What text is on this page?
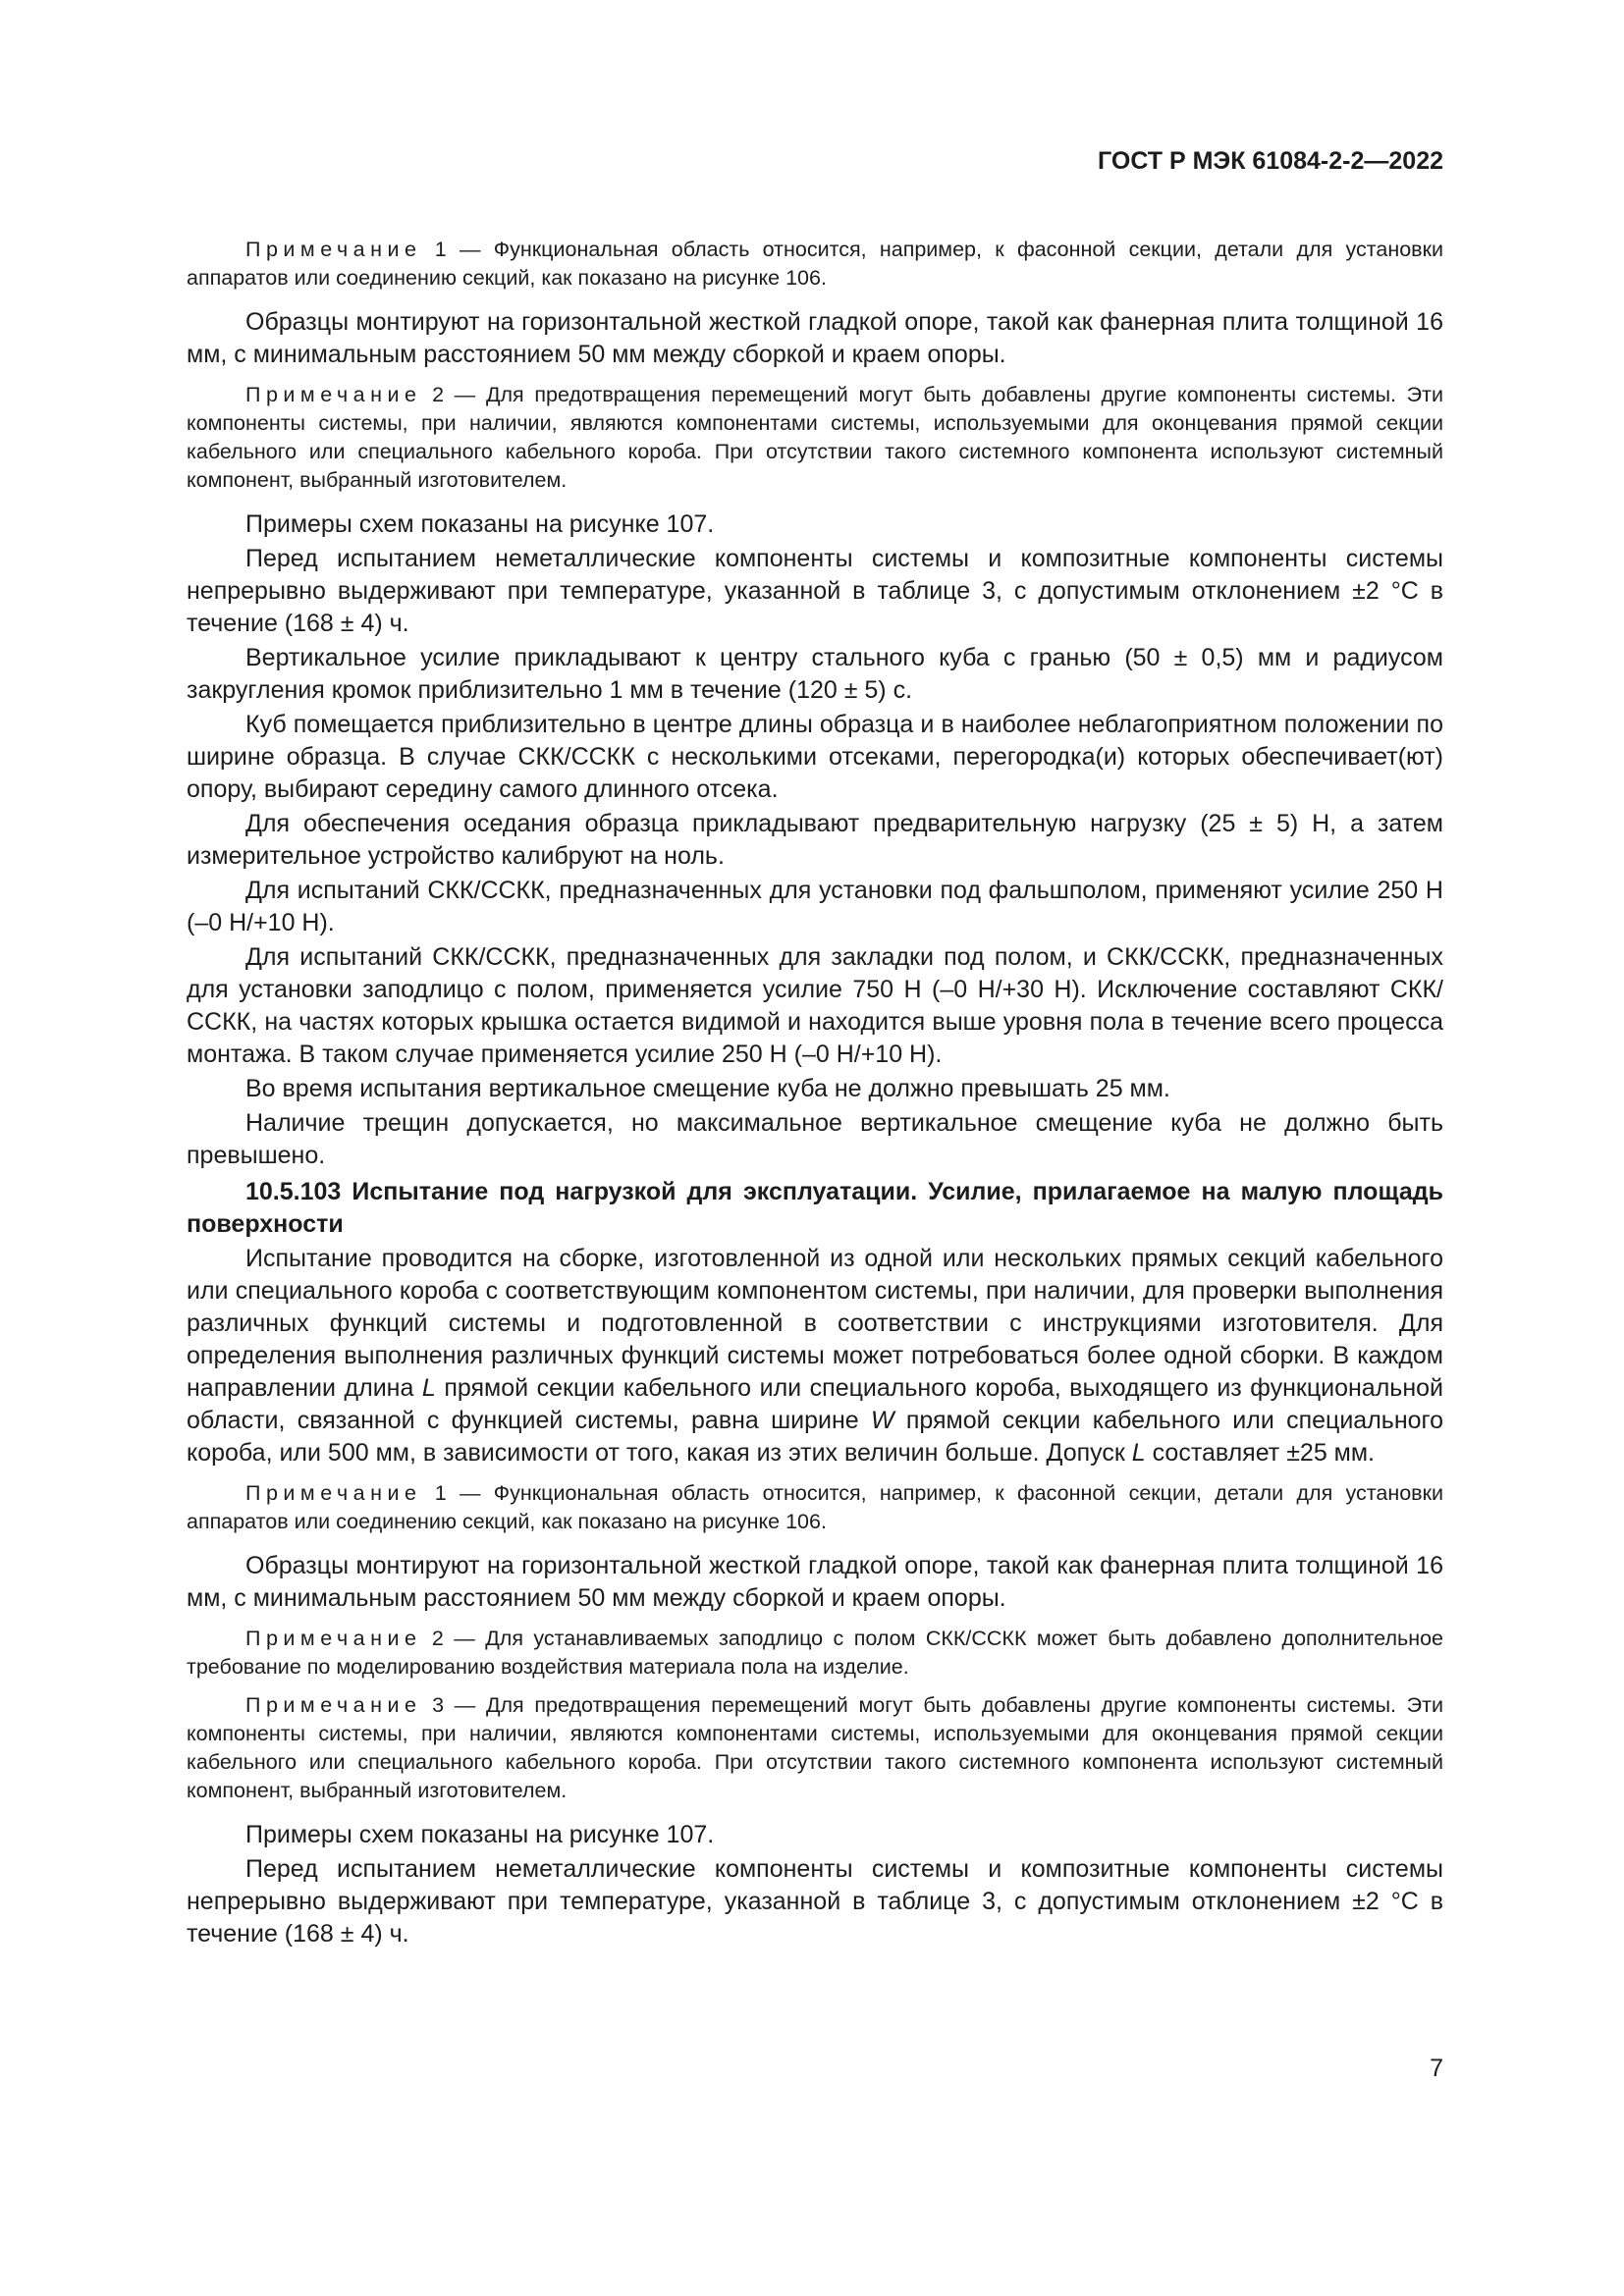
ГОСТ Р МЭК 61084-2-2—2022

Примечание 1 — Функциональная область относится, например, к фасонной секции, детали для установки аппаратов или соединению секций, как показано на рисунке 106.

Образцы монтируют на горизонтальной жесткой гладкой опоре, такой как фанерная плита толщиной 16 мм, с минимальным расстоянием 50 мм между сборкой и краем опоры.

Примечание 2 — Для предотвращения перемещений могут быть добавлены другие компоненты системы. Эти компоненты системы, при наличии, являются компонентами системы, используемыми для оконцевания прямой секции кабельного или специального кабельного короба. При отсутствии такого системного компонента используют системный компонент, выбранный изготовителем.

Примеры схем показаны на рисунке 107.

Перед испытанием неметаллические компоненты системы и композитные компоненты системы непрерывно выдерживают при температуре, указанной в таблице 3, с допустимым отклонением ±2 °С в течение (168 ± 4) ч.

Вертикальное усилие прикладывают к центру стального куба с гранью (50 ± 0,5) мм и радиусом закругления кромок приблизительно 1 мм в течение (120 ± 5) с.

Куб помещается приблизительно в центре длины образца и в наиболее неблагоприятном положении по ширине образца. В случае СКК/ССКК с несколькими отсеками, перегородка(и) которых обеспечивает(ют) опору, выбирают середину самого длинного отсека.

Для обеспечения оседания образца прикладывают предварительную нагрузку (25 ± 5) Н, а затем измерительное устройство калибруют на ноль.

Для испытаний СКК/ССКК, предназначенных для установки под фальшполом, применяют усилие 250 Н (–0 Н/+10 Н).

Для испытаний СКК/ССКК, предназначенных для закладки под полом, и СКК/ССКК, предназначенных для установки заподлицо с полом, применяется усилие 750 Н (–0 Н/+30 Н). Исключение составляют СКК/ССКК, на частях которых крышка остается видимой и находится выше уровня пола в течение всего процесса монтажа. В таком случае применяется усилие 250 Н (–0 Н/+10 Н).

Во время испытания вертикальное смещение куба не должно превышать 25 мм.

Наличие трещин допускается, но максимальное вертикальное смещение куба не должно быть превышено.

10.5.103 Испытание под нагрузкой для эксплуатации. Усилие, прилагаемое на малую площадь поверхности

Испытание проводится на сборке, изготовленной из одной или нескольких прямых секций кабельного или специального короба с соответствующим компонентом системы, при наличии, для проверки выполнения различных функций системы и подготовленной в соответствии с инструкциями изготовителя. Для определения выполнения различных функций системы может потребоваться более одной сборки. В каждом направлении длина L прямой секции кабельного или специального короба, выходящего из функциональной области, связанной с функцией системы, равна ширине W прямой секции кабельного или специального короба, или 500 мм, в зависимости от того, какая из этих величин больше. Допуск L составляет ±25 мм.

Примечание 1 — Функциональная область относится, например, к фасонной секции, детали для установки аппаратов или соединению секций, как показано на рисунке 106.

Образцы монтируют на горизонтальной жесткой гладкой опоре, такой как фанерная плита толщиной 16 мм, с минимальным расстоянием 50 мм между сборкой и краем опоры.

Примечание 2 — Для устанавливаемых заподлицо с полом СКК/ССКК может быть добавлено дополнительное требование по моделированию воздействия материала пола на изделие.

Примечание 3 — Для предотвращения перемещений могут быть добавлены другие компоненты системы. Эти компоненты системы, при наличии, являются компонентами системы, используемыми для оконцевания прямой секции кабельного или специального кабельного короба. При отсутствии такого системного компонента используют системный компонент, выбранный изготовителем.

Примеры схем показаны на рисунке 107.

Перед испытанием неметаллические компоненты системы и композитные компоненты системы непрерывно выдерживают при температуре, указанной в таблице 3, с допустимым отклонением ±2 °С в течение (168 ± 4) ч.

7
